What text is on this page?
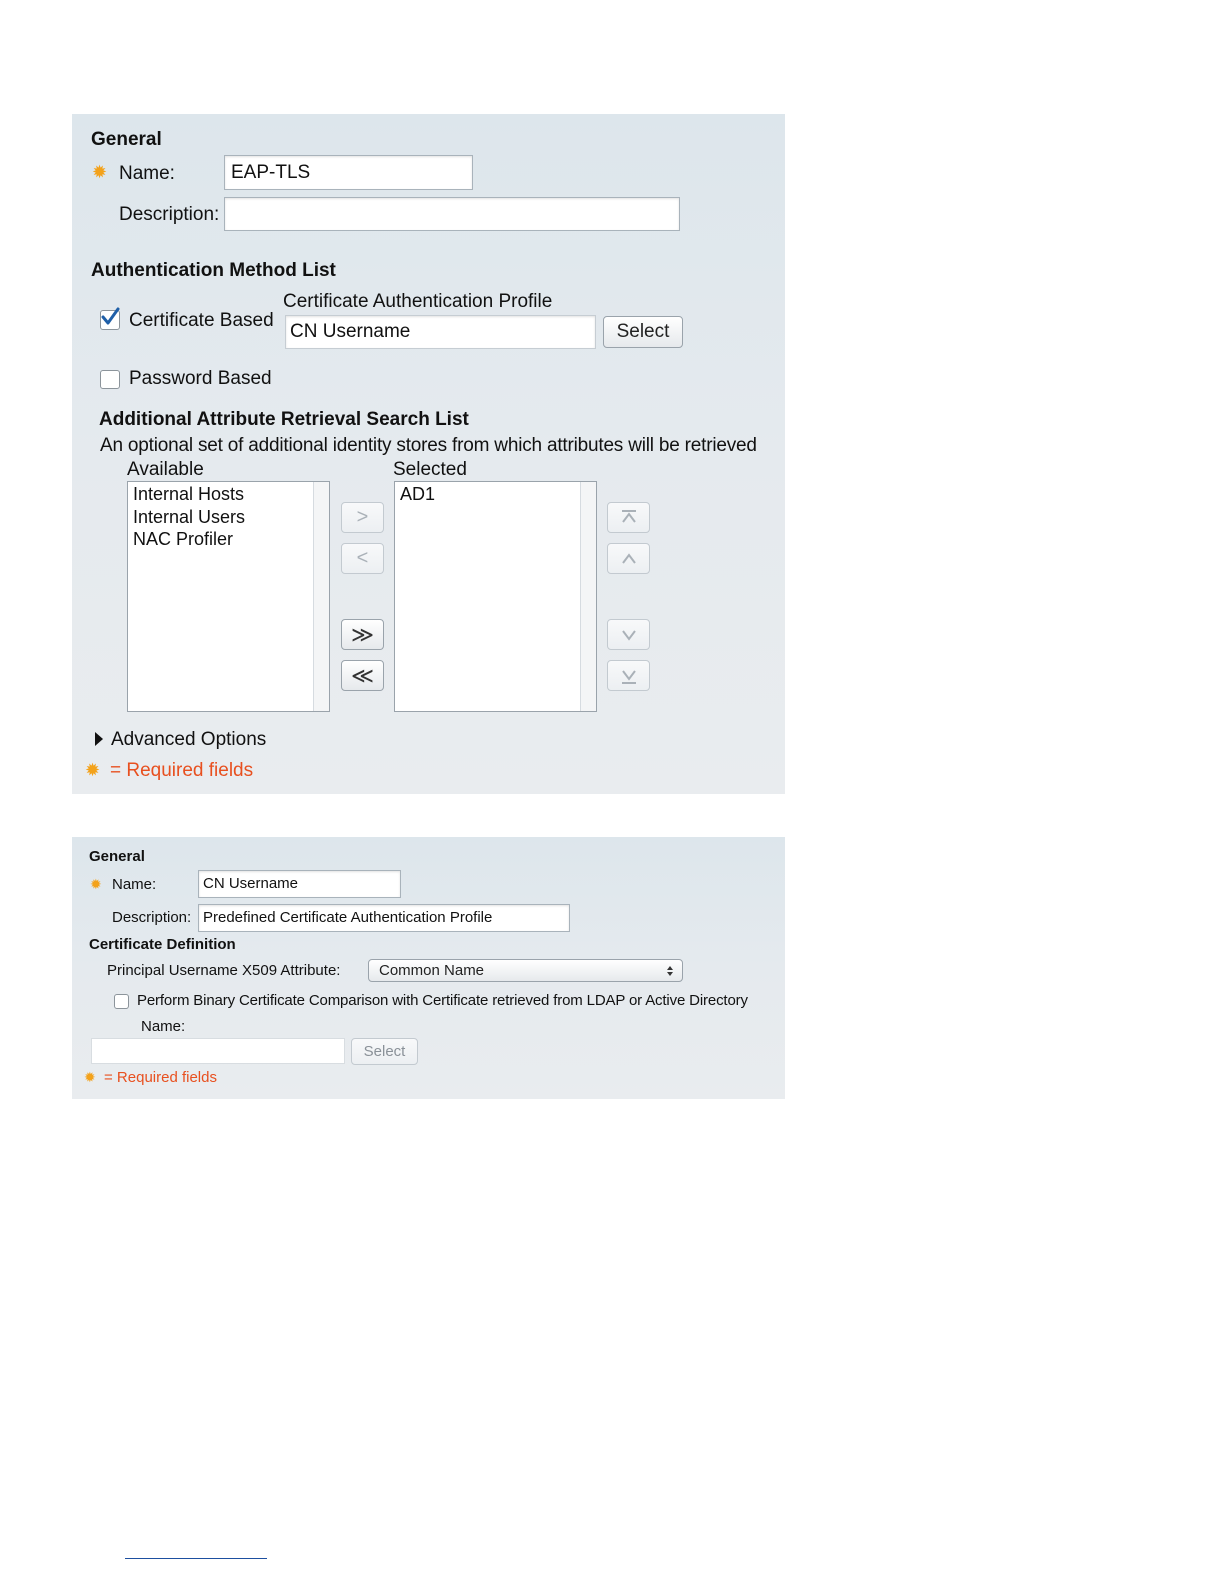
General
✹ Name:	EAP-TLS
Description:
Authentication Method List
Certificate Based
Certificate Authentication Profile
CN Username	Select
Password Based
Additional Attribute Retrieval Search List
An optional set of additional identity stores from which attributes will be retrieved
Available
Internal Hosts
Internal Users
NAC Profiler
>
<
≫
≪
Selected
AD1
Advanced Options
✹ = Required fields
General
✹ Name:	CN Username
Description: Predefined Certificate Authentication Profile
Certificate Definition
Principal Username X509 Attribute:	Common Name
Perform Binary Certificate Comparison with Certificate retrieved from LDAP or Active Directory
Name:
Select
✹ = Required fields
